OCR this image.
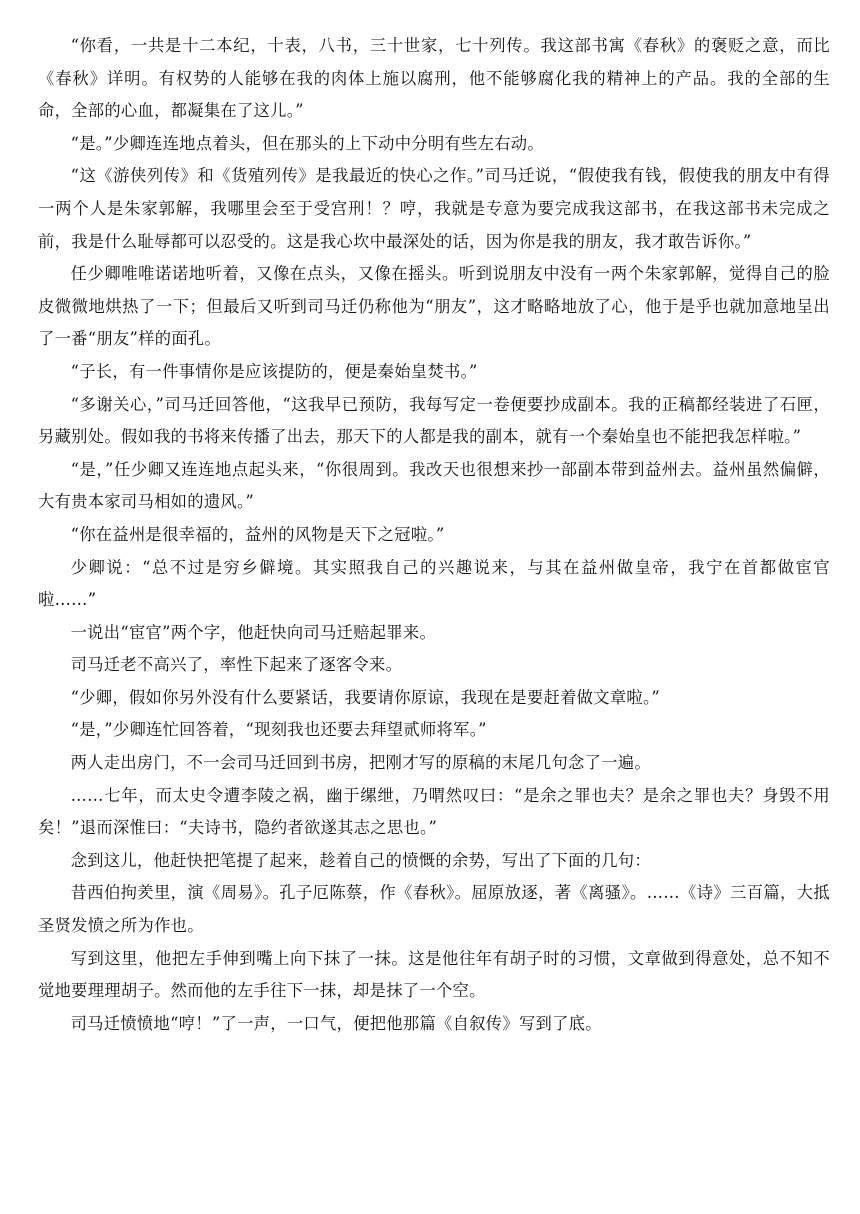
“你看，一共是十二本纪，十表，八书，三十世家，七十列传。我这部书寓《春秋》的褒贬之意，而比《春秋》详明。有权势的人能够在我的肉体上施以腐刑，他不能够腐化我的精神上的产品。我的全部的生命，全部的心血，都凝集在了这儿。”

“是。”少卿连连地点着头，但在那头的上下动中分明有些左右动。

“这《游侠列传》和《货殖列传》是我最近的快心之作。”司马迁说，“假使我有钱，假使我的朋友中有得一两个人是朱家郭解，我哪里会至于受宫刑！？哼，我就是专意为要完成我这部书，在我这部书未完成之前，我是什么耻辱都可以忍受的。这是我心坎中最深处的话，因为你是我的朋友，我才敢告诉你。”

任少卿唯唯诺诺地听着，又像在点头，又像在摇头。听到说朋友中没有一两个朱家郭解，觉得自己的脸皮微微地烘热了一下；但最后又听到司马迁仍称他为“朋友”，这才略略地放了心，他于是乎也就加意地呈出了一番“朋友”样的面孔。

“子长，有一件事情你是应该提防的，便是秦始皇焚书。”

“多谢关心，”司马迁回答他，“这我早已预防，我每写定一卷便要抄成副本。我的正稿都经装进了石匣，另藏别处。假如我的书将来传播了出去，那天下的人都是我的副本，就有一个秦始皇也不能把我怎样啦。”

“是，”任少卿又连连地点起头来，“你很周到。我改天也很想来抄一部副本带到益州去。益州虽然偏僻，大有贵本家司马相如的遗风。”

“你在益州是很幸福的，益州的风物是天下之冠啦。”

少卿说：“总不过是穷乡僻境。其实照我自己的兴趣说来，与其在益州做皇帝，我宁在首都做宦官啦……”

一说出“宦官”两个字，他赶快向司马迁赔起罪来。

司马迁老不高兴了，率性下起来了逐客令来。

“少卿，假如你另外没有什么要紧话，我要请你原谅，我现在是要赶着做文章啦。”

“是，”少卿连忙回答着，“现刻我也还要去拜望贰师将军。”

两人走出房门，不一会司马迁回到书房，把刚才写的原稿的末尾几句念了一遍。

……七年，而太史令遭李陵之祸，幽于缧绁，乃喟然叹曰：“是余之罪也夫？是余之罪也夫？身毁不用矣！”退而深惟曰：“夫诗书，隐约者欲遂其志之思也。”

念到这儿，他赶快把笔提了起来，趁着自己的愤慨的余势，写出了下面的几句：

昔西伯拘羑里，演《周易》。孔子厄陈蔡，作《春秋》。屈原放逐，著《离骚》。……《诗》三百篇，大抵圣贤发愤之所为作也。

写到这里，他把左手伸到嘴上向下抹了一抹。这是他往年有胡子时的习惯，文章做到得意处，总不知不觉地要理理胡子。然而他的左手往下一抹，却是抹了一个空。

司马迁愤愤地“哼！”了一声，一口气，便把他那篇《自叙传》写到了底。
